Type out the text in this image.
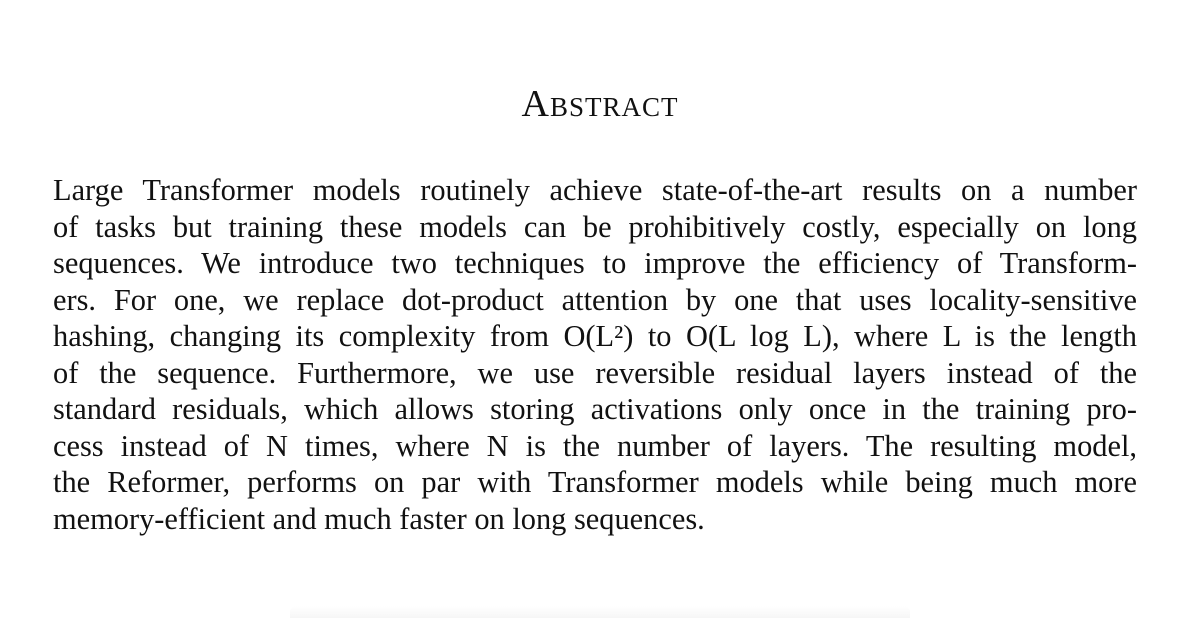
Abstract
Large Transformer models routinely achieve state-of-the-art results on a number
of tasks but training these models can be prohibitively costly, especially on long
sequences. We introduce two techniques to improve the efficiency of Transform-
ers. For one, we replace dot-product attention by one that uses locality-sensitive
hashing, changing its complexity from O(L²) to O(L log L), where L is the length
of the sequence. Furthermore, we use reversible residual layers instead of the
standard residuals, which allows storing activations only once in the training pro-
cess instead of N times, where N is the number of layers. The resulting model,
the Reformer, performs on par with Transformer models while being much more
memory-efficient and much faster on long sequences.
